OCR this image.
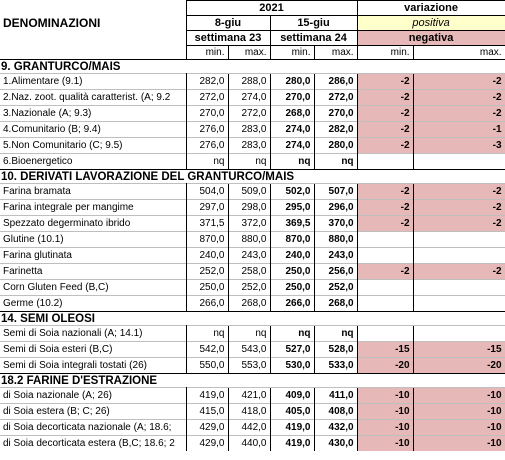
DENOMINAZIONI	2021				variazione	
	8-giu		15-giu		positiva	
	settimana 23		settimana 24		negativa	
	min.	max.	min.	max.	min.	max.
9. GRANTURCO/MAIS						
1.Alimentare (9.1)	282,0	288,0	280,0	286,0	-2	-2
2.Naz. zoot. qualità caratterist. (A; 9.2	272,0	274,0	270,0	272,0	-2	-2
3.Nazionale (A; 9.3)	270,0	272,0	268,0	270,0	-2	-2
4.Comunitario (B; 9.4)	276,0	283,0	274,0	282,0	-2	-1
5.Non Comunitario (C; 9.5)	276,0	283,0	274,0	280,0	-2	-3
6.Bioenergetico	nq	nq	nq	nq		
10. DERIVATI LAVORAZIONE DEL GRANTURCO/MAIS						
Farina bramata	504,0	509,0	502,0	507,0	-2	-2
Farina integrale per mangime	297,0	298,0	295,0	296,0	-2	-2
Spezzato degerminato ibrido	371,5	372,0	369,5	370,0	-2	-2
Glutine (10.1)	870,0	880,0	870,0	880,0		
Farina glutinata	240,0	243,0	240,0	243,0		
Farinetta	252,0	258,0	250,0	256,0	-2	-2
Corn Gluten Feed (B,C)	250,0	252,0	250,0	252,0		
Germe (10.2)	266,0	268,0	266,0	268,0		
14. SEMI OLEOSI						
Semi di Soia nazionali (A; 14.1)	nq	nq	nq	nq		
Semi di Soia esteri (B,C)	542,0	543,0	527,0	528,0	-15	-15
Semi di Soia integrali tostati (26)	550,0	553,0	530,0	533,0	-20	-20
18.2 FARINE D'ESTRAZIONE						
di Soia nazionale (A; 26)	419,0	421,0	409,0	411,0	-10	-10
di Soia estera (B; C; 26)	415,0	418,0	405,0	408,0	-10	-10
di Soia decorticata nazionale (A; 18.6;	429,0	442,0	419,0	432,0	-10	-10
di Soia decorticata estera (B,C; 18.6; 2	429,0	440,0	419,0	430,0	-10	-10
